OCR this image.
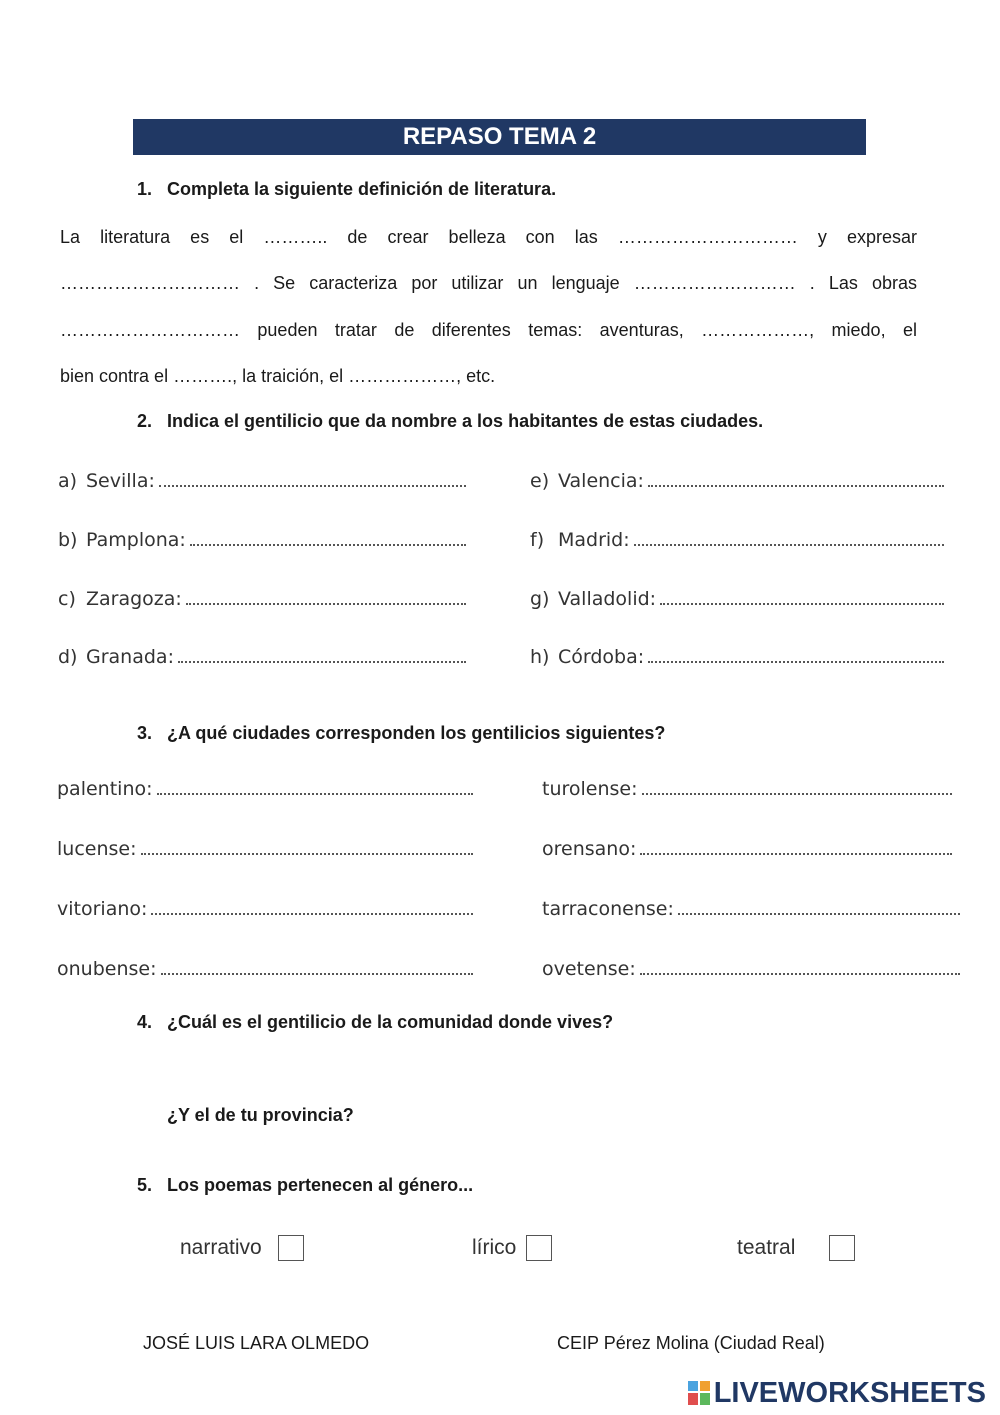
REPASO TEMA 2
1. Completa la siguiente definición de literatura.
La literatura es el ……….. de crear belleza con las ………………………… y expresar
………………………… . Se caracteriza por utilizar un lenguaje ……………………… . Las obras
………………………… pueden tratar de diferentes temas: aventuras, ………………, miedo, el
bien contra el ………., la traición, el ………………, etc.
2. Indica el gentilicio que da nombre a los habitantes de estas ciudades.
a) Sevilla:
b) Pamplona:
c) Zaragoza:
d) Granada:
e) Valencia:
f) Madrid:
g) Valladolid:
h) Córdoba:
3. ¿A qué ciudades corresponden los gentilicios siguientes?
palentino:
lucense:
vitoriano:
onubense:
turolense:
orensano:
tarraconense:
ovetense:
4. ¿Cuál es el gentilicio de la comunidad donde vives?
¿Y el de tu provincia?
5. Los poemas pertenecen al género...
narrativo	lírico	teatral
JOSÉ LUIS LARA OLMEDO	CEIP Pérez Molina (Ciudad Real)
LIVEWORKSHEETS
